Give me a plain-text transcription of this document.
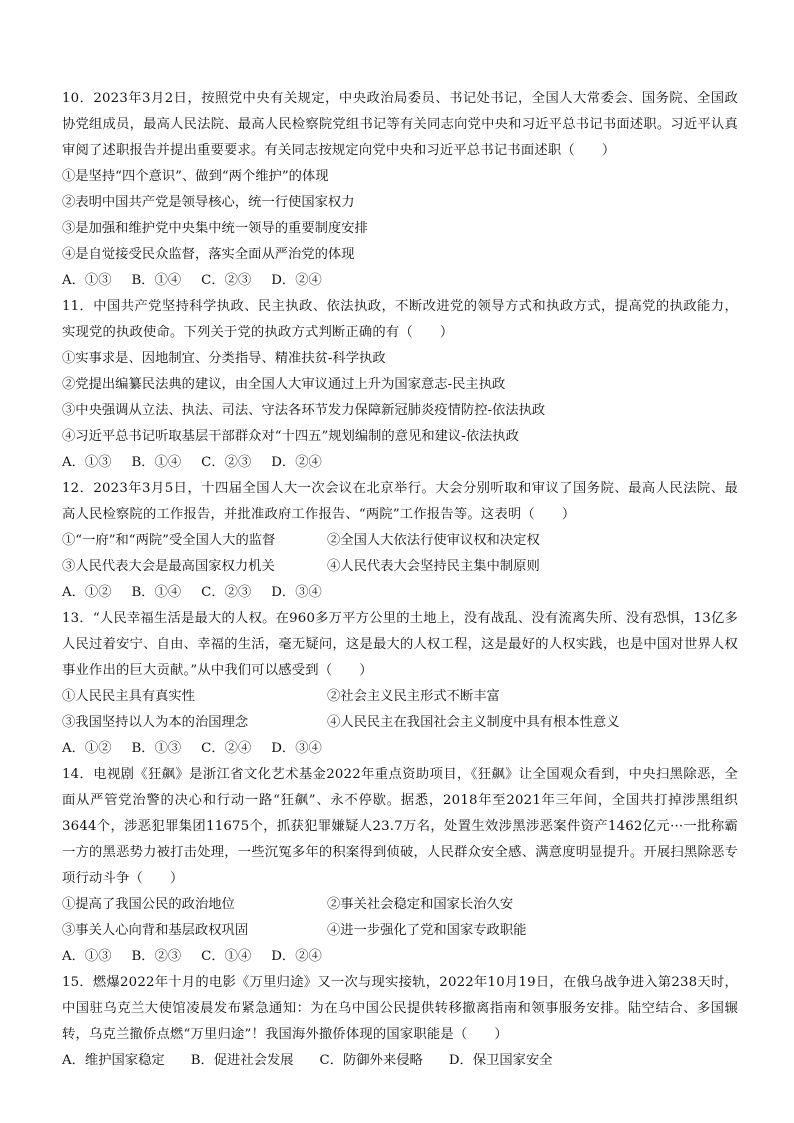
10．2023年3月2日，按照党中央有关规定，中央政治局委员、书记处书记，全国人大常委会、国务院、全国政协党组成员，最高人民法院、最高人民检察院党组书记等有关同志向党中央和习近平总书记书面述职。习近平认真审阅了述职报告并提出重要要求。有关同志按规定向党中央和习近平总书记书面述职（　　）

①是坚持“四个意识”、做到“两个维护”的体现

②表明中国共产党是领导核心，统一行使国家权力

③是加强和维护党中央集中统一领导的重要制度安排

④是自觉接受民众监督，落实全面从严治党的体现

A．①③ B．①④ C．②③ D．②④

11．中国共产党坚持科学执政、民主执政、依法执政，不断改进党的领导方式和执政方式，提高党的执政能力，实现党的执政使命。下列关于党的执政方式判断正确的有（　　）

①实事求是、因地制宜、分类指导、精准扶贫-科学执政

②党提出编纂民法典的建议，由全国人大审议通过上升为国家意志-民主执政

③中央强调从立法、执法、司法、守法各环节发力保障新冠肺炎疫情防控-依法执政

④习近平总书记听取基层干部群众对“十四五”规划编制的意见和建议-依法执政

A．①③ B．①④ C．②③ D．②④

12．2023年3月5日，十四届全国人大一次会议在北京举行。大会分别听取和审议了国务院、最高人民法院、最高人民检察院的工作报告，并批准政府工作报告、“两院”工作报告等。这表明（　　）

①“一府”和“两院”受全国人大的监督	②全国人大依法行使审议权和决定权
③人民代表大会是最高国家权力机关	④人民代表大会坚持民主集中制原则
A．①② B．①④ C．②③ D．③④

13．“人民幸福生活是最大的人权。在960多万平方公里的土地上，没有战乱、没有流离失所、没有恐惧，13亿多人民过着安宁、自由、幸福的生活，毫无疑问，这是最大的人权工程，这是最好的人权实践，也是中国对世界人权事业作出的巨大贡献。”从中我们可以感受到（　　）

①人民民主具有真实性	②社会主义民主形式不断丰富
③我国坚持以人为本的治国理念	④人民民主在我国社会主义制度中具有根本性意义
A．①② B．①③ C．②④ D．③④

14．电视剧《狂飙》是浙江省文化艺术基金2022年重点资助项目，《狂飙》让全国观众看到，中央扫黑除恶，全面从严管党治警的决心和行动一路“狂飙”、永不停歇。据悉，2018年至2021年三年间，全国共打掉涉黑组织3644个，涉恶犯罪集团11675个，抓获犯罪嫌疑人23.7万名，处置生效涉黑涉恶案件资产1462亿元···一批称霸一方的黑恶势力被打击处理，一些沉冤多年的积案得到侦破，人民群众安全感、满意度明显提升。开展扫黑除恶专项行动斗争（　　）

①提高了我国公民的政治地位	②事关社会稳定和国家长治久安
③事关人心向背和基层政权巩固	④进一步强化了党和国家专政职能
A．①③ B．②③ C．①④ D．②④

15．燃爆2022年十月的电影《万里归途》又一次与现实接轨，2022年10月19日，在俄乌战争进入第238天时，中国驻乌克兰大使馆凌晨发布紧急通知：为在乌中国公民提供转移撤离指南和领事服务安排。陆空结合、多国辗转，乌克兰撤侨点燃“万里归途”！我国海外撤侨体现的国家职能是（　　）

A．维护国家稳定 B．促进社会发展 C．防御外来侵略 D．保卫国家安全
